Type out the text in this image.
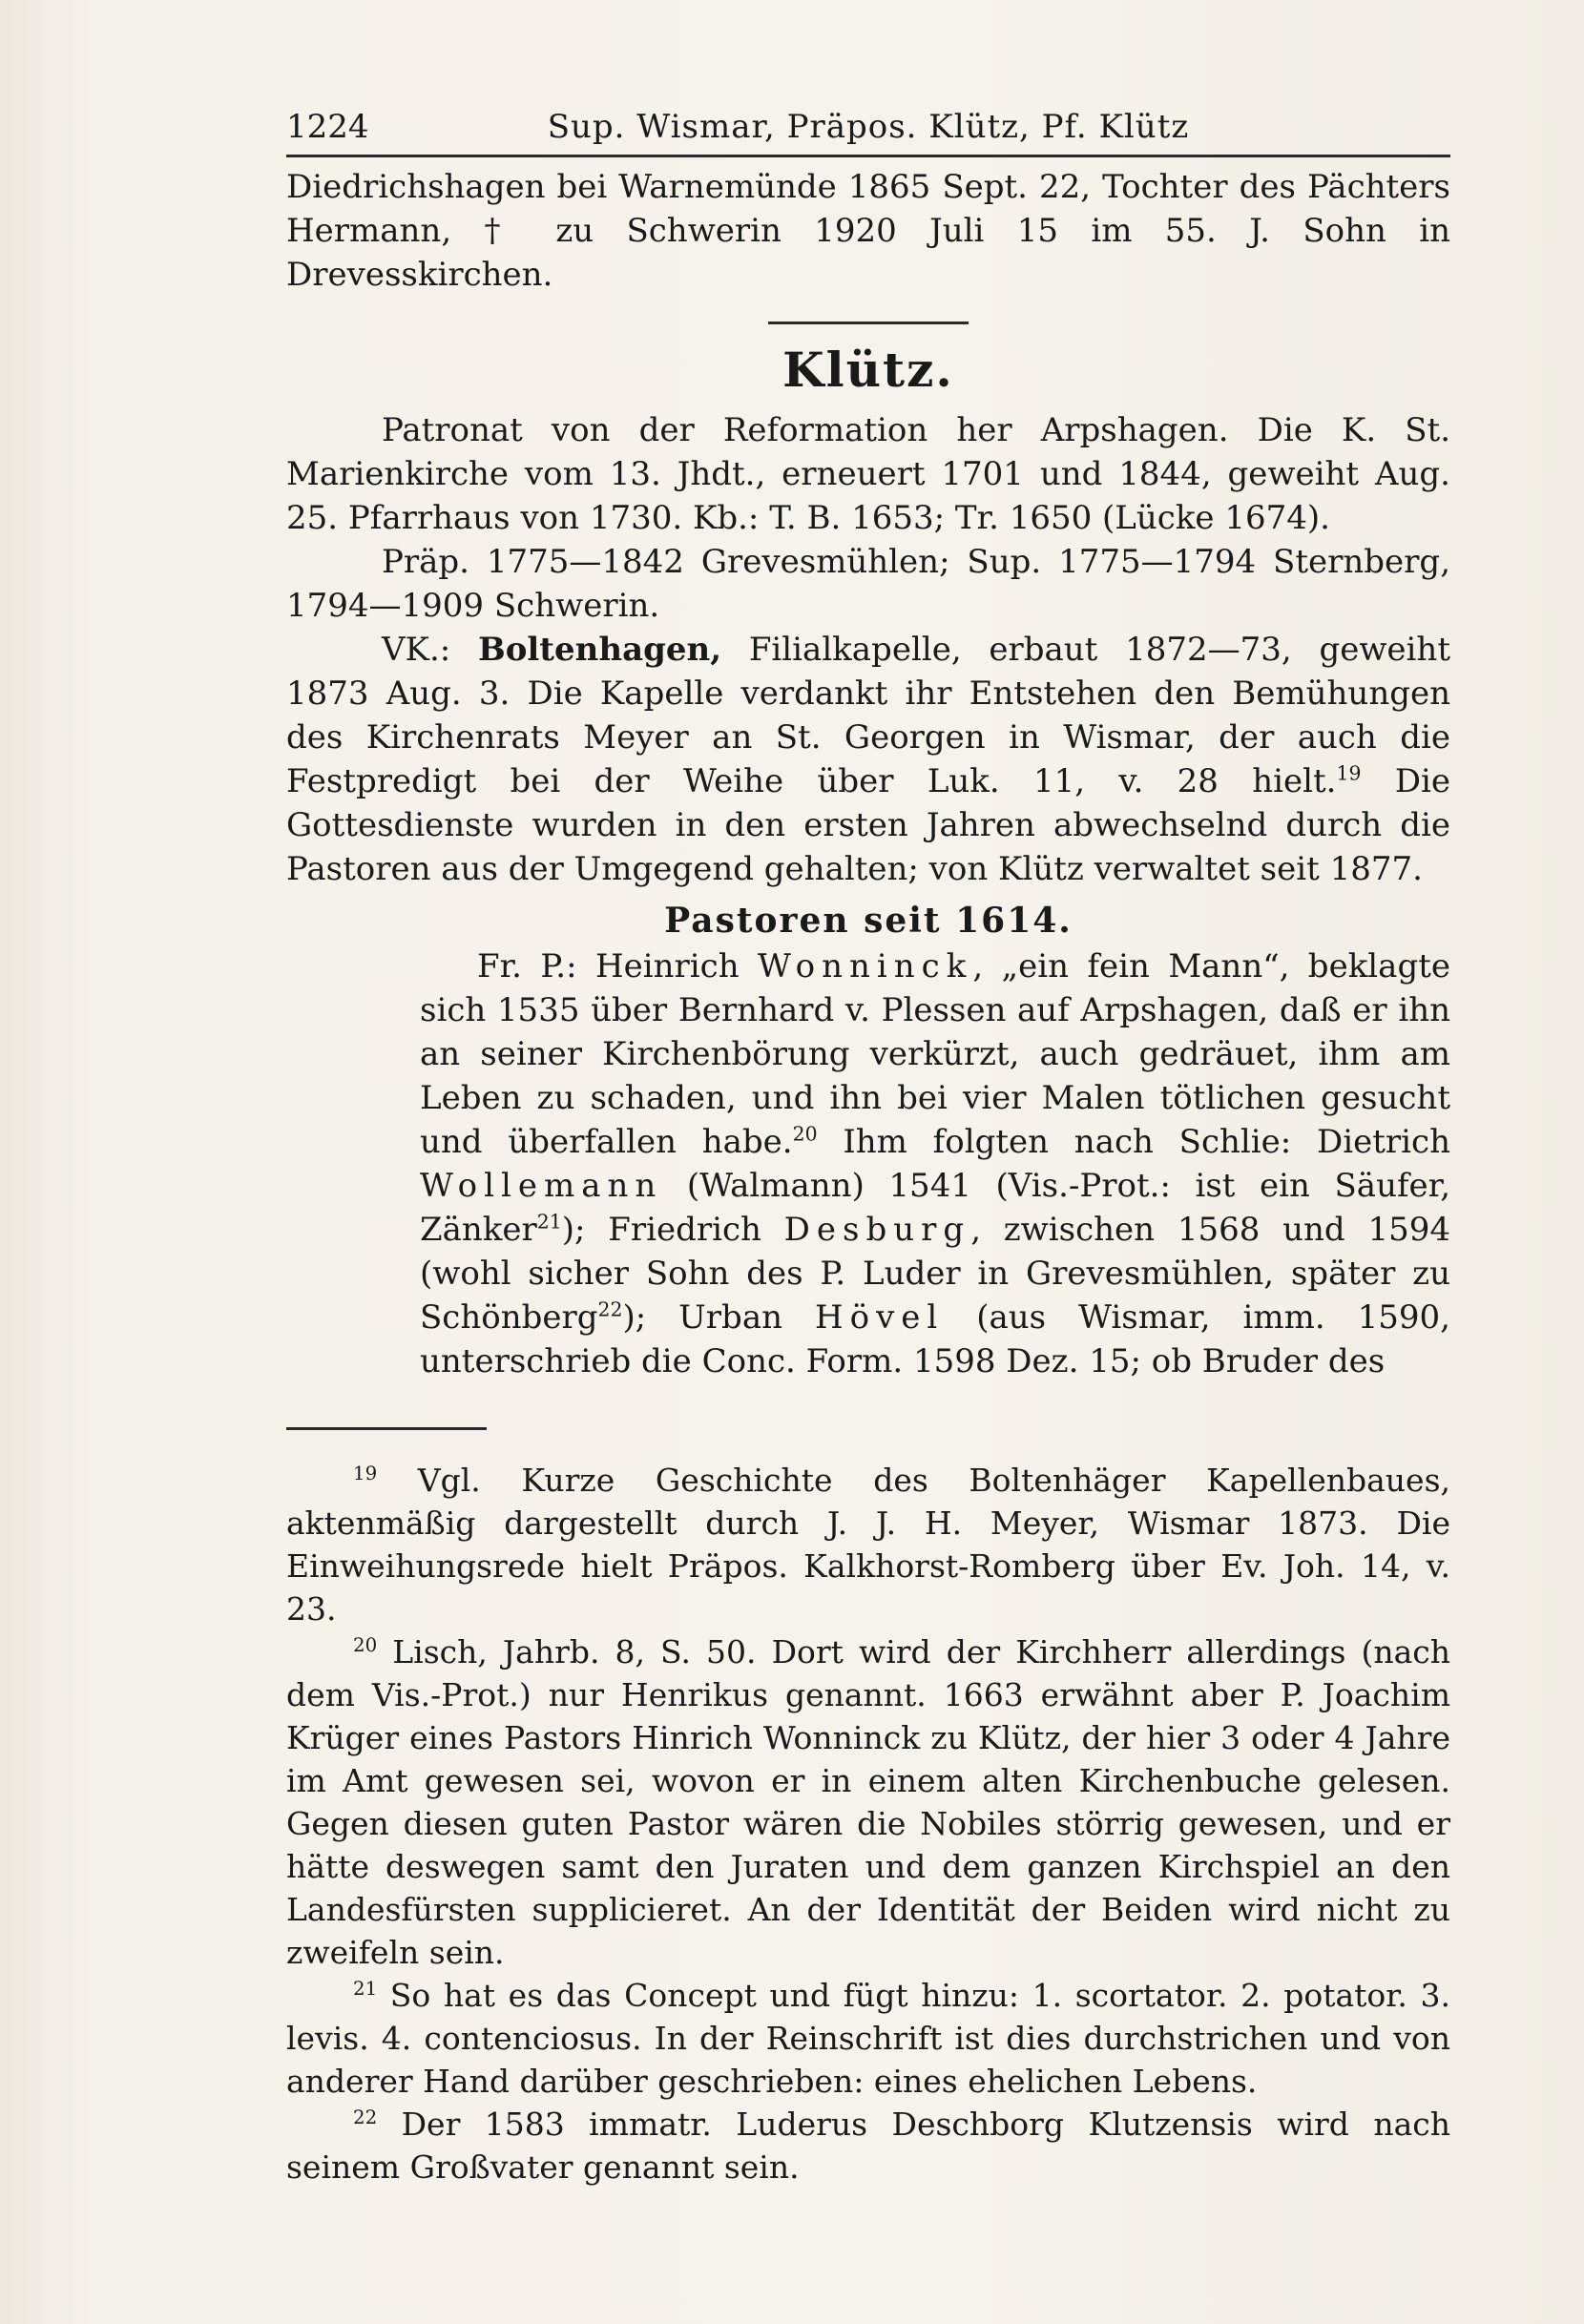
1224	Sup. Wismar, Präpos. Klütz, Pf. Klütz

Diedrichshagen bei Warnemünde 1865 Sept. 22, Tochter des Pächters Hermann, † zu Schwerin 1920 Juli 15 im 55. J. Sohn in Drevesskirchen.

Klütz.

Patronat von der Reformation her Arpshagen. Die K. St. Marienkirche vom 13. Jhdt., erneuert 1701 und 1844, geweiht Aug. 25. Pfarrhaus von 1730. Kb.: T. B. 1653; Tr. 1650 (Lücke 1674).

Präp. 1775—1842 Grevesmühlen; Sup. 1775—1794 Sternberg, 1794—1909 Schwerin.

VK.: Boltenhagen, Filialkapelle, erbaut 1872—73, geweiht 1873 Aug. 3. Die Kapelle verdankt ihr Entstehen den Bemühungen des Kirchenrats Meyer an St. Georgen in Wismar, der auch die Festpredigt bei der Weihe über Luk. 11, v. 28 hielt.$^{19}$ Die Gottesdienste wurden in den ersten Jahren abwechselnd durch die Pastoren aus der Umgegend gehalten; von Klütz verwaltet seit 1877.

Pastoren seit 1614.

Fr. P.: Heinrich Wonninck, „ein fein Mann“, beklagte sich 1535 über Bernhard v. Plessen auf Arpshagen, daß er ihn an seiner Kirchenbörung verkürzt, auch gedräuet, ihm am Leben zu schaden, und ihn bei vier Malen tötlichen gesucht und überfallen habe.$^{20}$ Ihm folgten nach Schlie: Dietrich Wollemann (Walmann) 1541 (Vis.-Prot.: ist ein Säufer, Zänker$^{21}$); Friedrich Desburg, zwischen 1568 und 1594 (wohl sicher Sohn des P. Luder in Grevesmühlen, später zu Schönberg$^{22}$); Urban Hövel (aus Wismar, imm. 1590, unterschrieb die Conc. Form. 1598 Dez. 15; ob Bruder des

$^{19}$ Vgl. Kurze Geschichte des Boltenhäger Kapellenbaues, aktenmäßig dargestellt durch J. J. H. Meyer, Wismar 1873. Die Einweihungsrede hielt Präpos. Kalkhorst-Romberg über Ev. Joh. 14, v. 23.

$^{20}$ Lisch, Jahrb. 8, S. 50. Dort wird der Kirchherr allerdings (nach dem Vis.-Prot.) nur Henrikus genannt. 1663 erwähnt aber P. Joachim Krüger eines Pastors Hinrich Wonninck zu Klütz, der hier 3 oder 4 Jahre im Amt gewesen sei, wovon er in einem alten Kirchenbuche gelesen. Gegen diesen guten Pastor wären die Nobiles störrig gewesen, und er hätte deswegen samt den Juraten und dem ganzen Kirchspiel an den Landesfürsten supplicieret. An der Identität der Beiden wird nicht zu zweifeln sein.

$^{21}$ So hat es das Concept und fügt hinzu: 1. scortator. 2. potator. 3. levis. 4. contenciosus. In der Reinschrift ist dies durchstrichen und von anderer Hand darüber geschrieben: eines ehelichen Lebens.

$^{22}$ Der 1583 immatr. Luderus Deschborg Klutzensis wird nach seinem Großvater genannt sein.
